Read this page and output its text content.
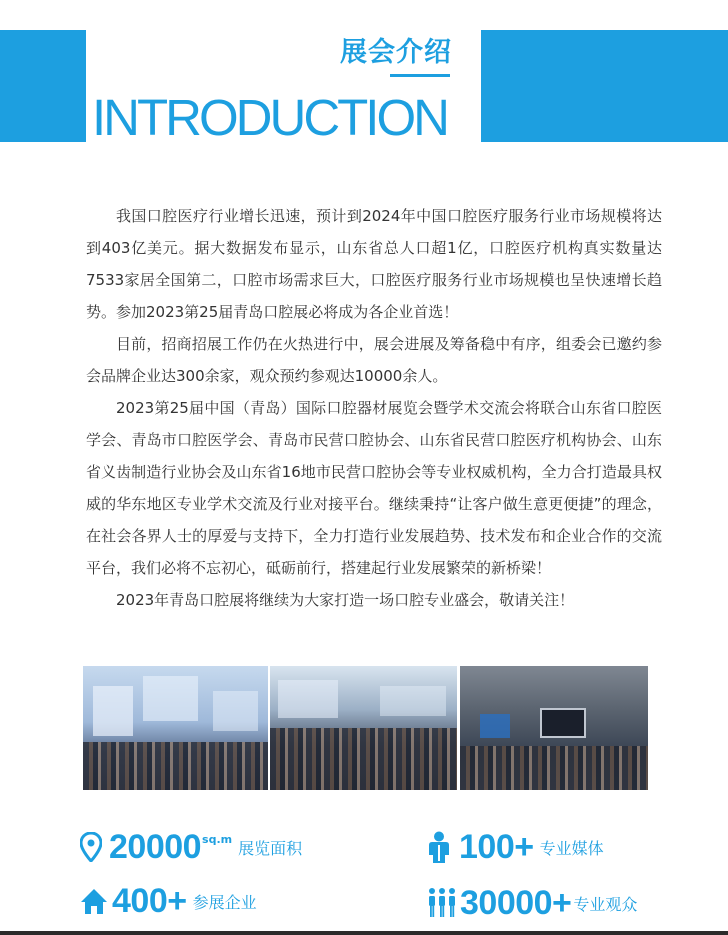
展会介绍
INTRODUCTION

我国口腔医疗行业增长迅速，预计到2024年中国口腔医疗服务行业市场规模将达到403亿美元。据大数据发布显示，山东省总人口超1亿，口腔医疗机构真实数量达7533家居全国第二，口腔市场需求巨大，口腔医疗服务行业市场规模也呈快速增长趋势。参加2023第25届青岛口腔展必将成为各企业首选！

目前，招商招展工作仍在火热进行中，展会进展及筹备稳中有序，组委会已邀约参会品牌企业达300余家，观众预约参观达10000余人。

2023第25届中国（青岛）国际口腔器材展览会暨学术交流会将联合山东省口腔医学会、青岛市口腔医学会、青岛市民营口腔协会、山东省民营口腔医疗机构协会、山东省义齿制造行业协会及山东省16地市民营口腔协会等专业权威机构，全力合打造最具权威的华东地区专业学术交流及行业对接平台。继续秉持“让客户做生意更便捷”的理念，在社会各界人士的厚爱与支持下，全力打造行业发展趋势、技术发布和企业合作的交流平台，我们必将不忘初心，砥砺前行，搭建起行业发展繁荣的新桥梁！

2023年青岛口腔展将继续为大家打造一场口腔专业盛会，敬请关注！

20000 sq.m 展览面积	100+ 专业媒体
400+ 参展企业	30000+ 专业观众
